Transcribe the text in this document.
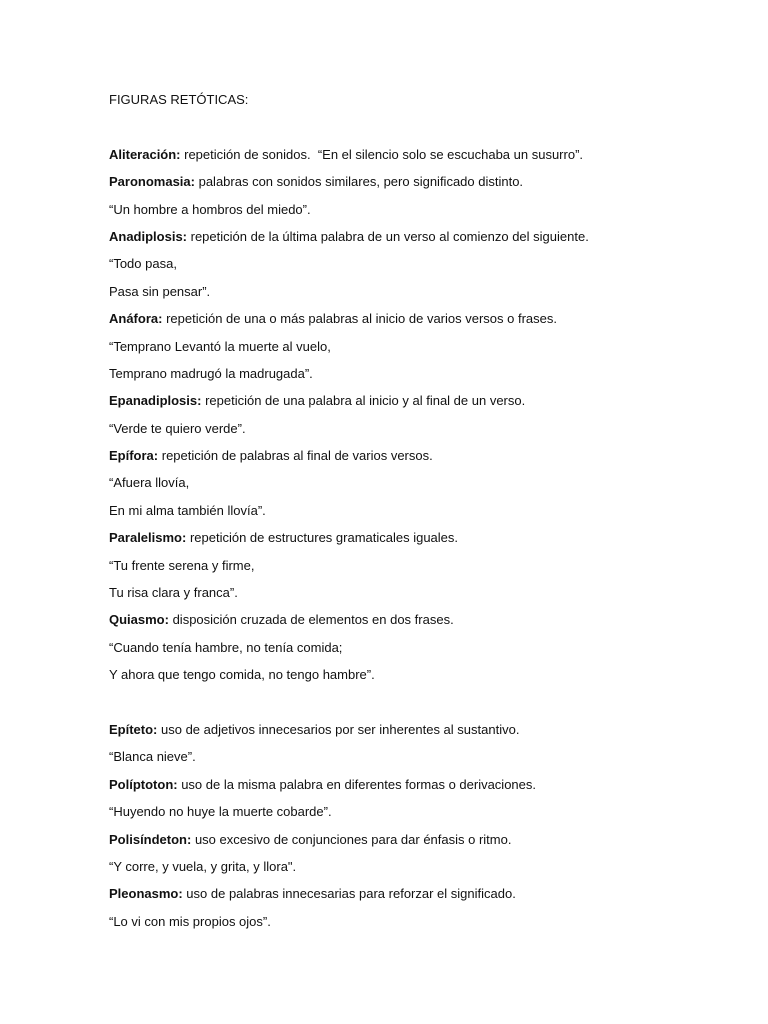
FIGURAS RETÓTICAS:
Aliteración: repetición de sonidos.  “En el silencio solo se escuchaba un susurro”.
Paronomasia: palabras con sonidos similares, pero significado distinto.
“Un hombre a hombros del miedo”.
Anadiplosis: repetición de la última palabra de un verso al comienzo del siguiente.
“Todo pasa,
Pasa sin pensar”.
Anáfora: repetición de una o más palabras al inicio de varios versos o frases.
“Temprano Levantó la muerte al vuelo,
Temprano madrugó la madrugada”.
Epanadiplosis: repetición de una palabra al inicio y al final de un verso.
“Verde te quiero verde”.
Epífora: repetición de palabras al final de varios versos.
“Afuera llovía,
En mi alma también llovía”.
Paralelismo: repetición de estructures gramaticales iguales.
“Tu frente serena y firme,
Tu risa clara y franca”.
Quiasmo: disposición cruzada de elementos en dos frases.
“Cuando tenía hambre, no tenía comida;
Y ahora que tengo comida, no tengo hambre”.
Epíteto: uso de adjetivos innecesarios por ser inherentes al sustantivo.
“Blanca nieve”.
Políptoton: uso de la misma palabra en diferentes formas o derivaciones.
“Huyendo no huye la muerte cobarde”.
Polisíndeton: uso excesivo de conjunciones para dar énfasis o ritmo.
“Y corre, y vuela, y grita, y llora".
Pleonasmo: uso de palabras innecesarias para reforzar el significado.
“Lo vi con mis propios ojos”.
